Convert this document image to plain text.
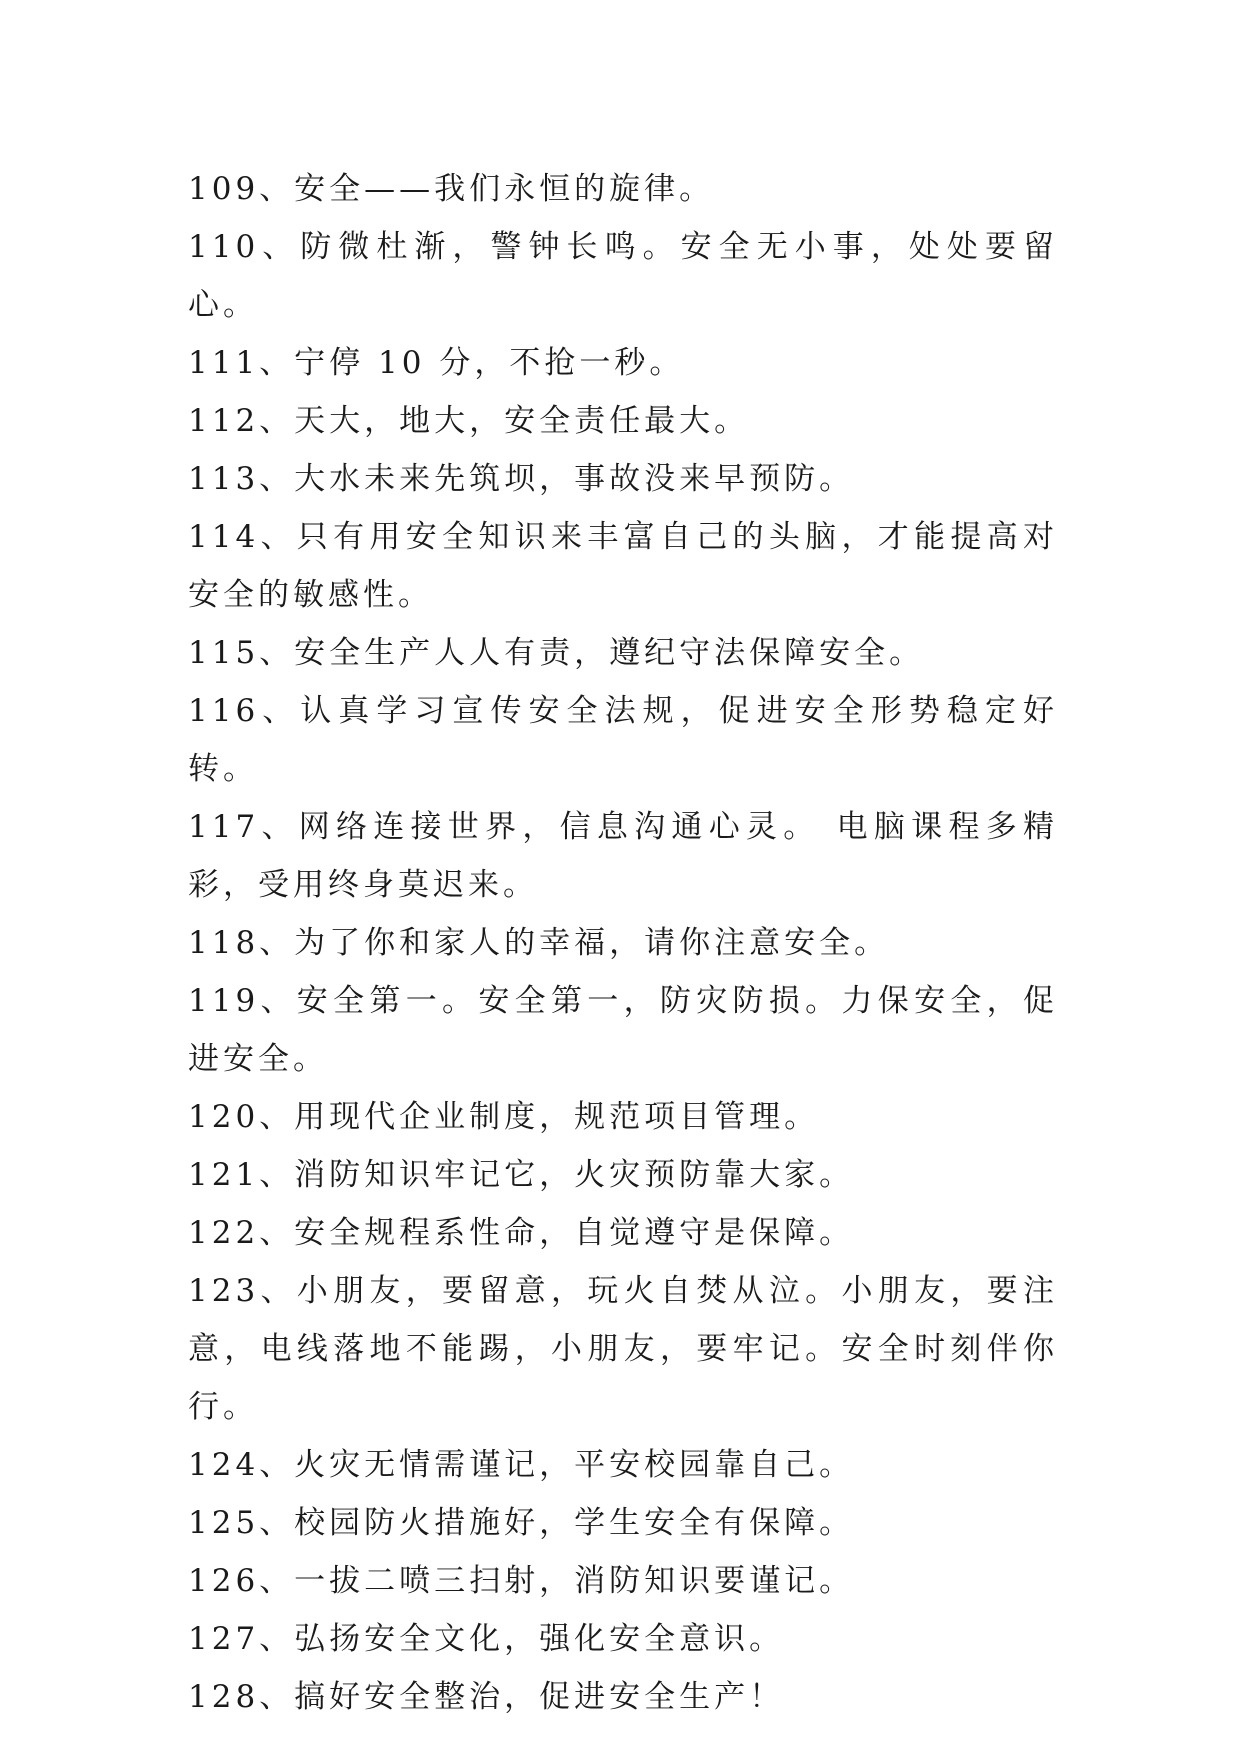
109、安全——我们永恒的旋律。

110、防微杜渐，警钟长鸣。安全无小事，处处要留心。

111、宁停 10 分，不抢一秒。

112、天大，地大，安全责任最大。

113、大水未来先筑坝，事故没来早预防。

114、只有用安全知识来丰富自己的头脑，才能提高对安全的敏感性。

115、安全生产人人有责，遵纪守法保障安全。

116、认真学习宣传安全法规，促进安全形势稳定好转。

117、网络连接世界，信息沟通心灵。 电脑课程多精彩，受用终身莫迟来。

118、为了你和家人的幸福，请你注意安全。

119、安全第一。安全第一，防灾防损。力保安全，促进安全。

120、用现代企业制度，规范项目管理。

121、消防知识牢记它，火灾预防靠大家。

122、安全规程系性命，自觉遵守是保障。

123、小朋友，要留意，玩火自焚从泣。小朋友，要注意，电线落地不能踢，小朋友，要牢记。安全时刻伴你行。

124、火灾无情需谨记，平安校园靠自己。

125、校园防火措施好，学生安全有保障。

126、一拔二喷三扫射，消防知识要谨记。

127、弘扬安全文化，强化安全意识。

128、搞好安全整治，促进安全生产！
